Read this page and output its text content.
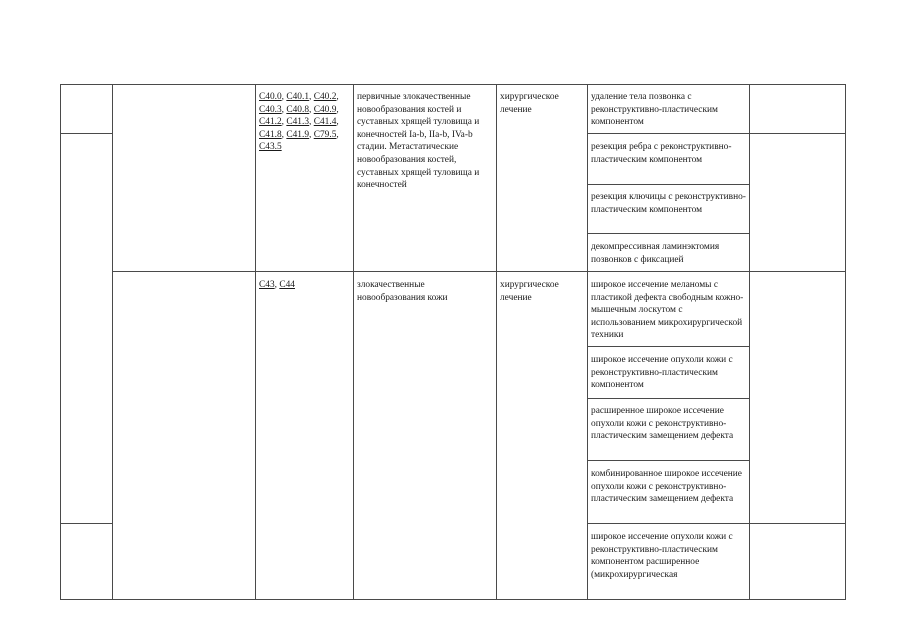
C40.0, C40.1, C40.2, C40.3, C40.8, C40.9, C41.2, C41.3, C41.4, C41.8, C41.9, C79.5, C43.5
первичные злокачественные новообразования костей и суставных хрящей туловища и конечностей Ia-b, IIa-b, IVa-b стадии. Метастатические новообразования костей, суставных хрящей туловища и конечностей
хирургическое лечение
удаление тела позвонка с реконструктивно-пластическим компонентом
резекция ребра с реконструктивно-пластическим компонентом
резекция ключицы с реконструктивно-пластическим компонентом
декомпрессивная ламинэктомия позвонков с фиксацией
C43, C44	злокачественные новообразования кожи
хирургическое лечение
широкое иссечение меланомы с пластикой дефекта свободным кожно-мышечным лоскутом с использованием микрохирургической техники
широкое иссечение опухоли кожи с реконструктивно-пластическим компонентом
расширенное широкое иссечение опухоли кожи с реконструктивно-пластическим замещением дефекта
комбинированное широкое иссечение опухоли кожи с реконструктивно-пластическим замещением дефекта
широкое иссечение опухоли кожи с реконструктивно-пластическим компонентом расширенное (микрохирургическая
